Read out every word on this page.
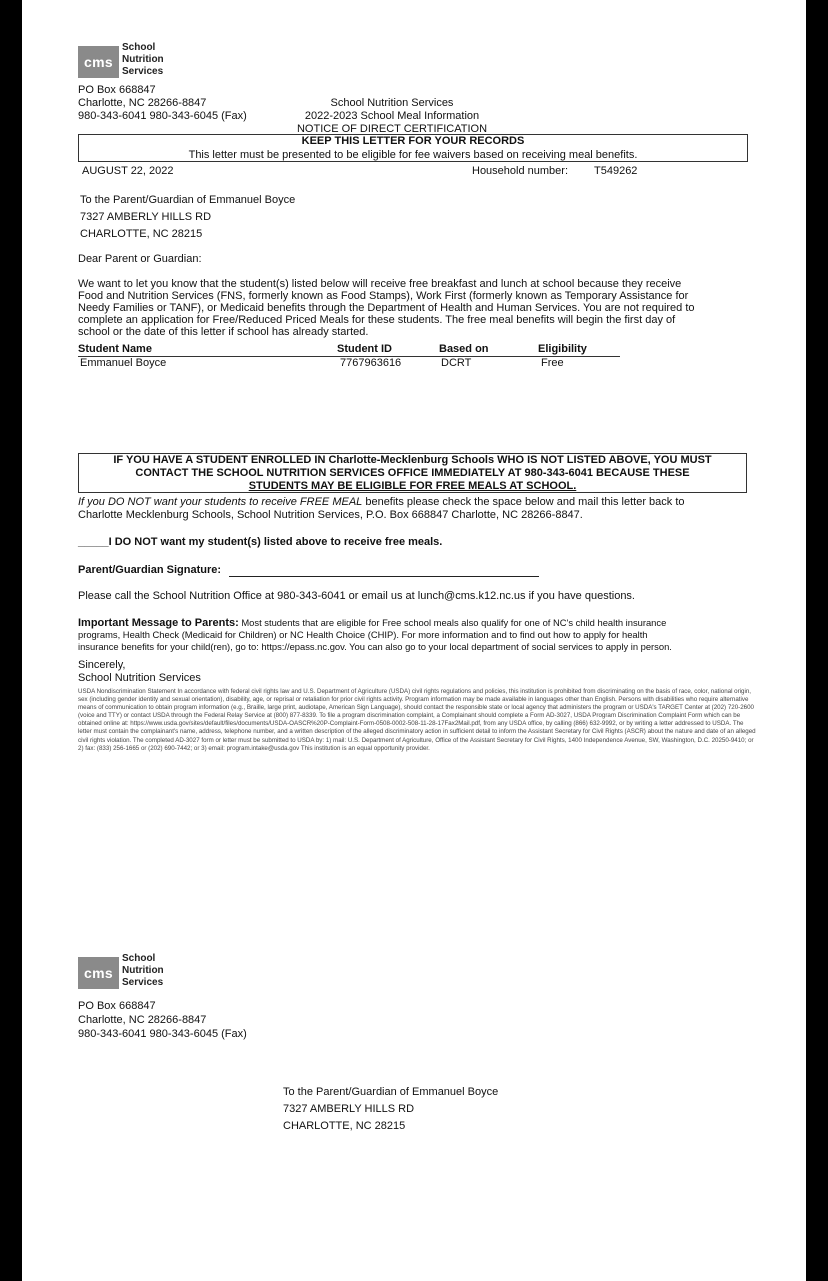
cms
School
Nutrition
Services
PO Box 668847
Charlotte, NC 28266-8847
980-343-6041 980-343-6045 (Fax)
School Nutrition Services
2022-2023 School Meal Information
NOTICE OF DIRECT CERTIFICATION
KEEP THIS LETTER FOR YOUR RECORDS
This letter must be presented to be eligible for fee waivers based on receiving meal benefits.
AUGUST 22, 2022	Household number: T549262
To the Parent/Guardian of Emmanuel Boyce
7327 AMBERLY HILLS RD
CHARLOTTE, NC 28215
Dear Parent or Guardian:
We want to let you know that the student(s) listed below will receive free breakfast and lunch at school because they receive
Food and Nutrition Services (FNS, formerly known as Food Stamps), Work First (formerly known as Temporary Assistance for
Needy Families or TANF), or Medicaid benefits through the Department of Health and Human Services. You are not required to
complete an application for Free/Reduced Priced Meals for these students. The free meal benefits will begin the first day of
school or the date of this letter if school has already started.
Student Name	Student ID	Based on	Eligibility
Emmanuel Boyce	7767963616	DCRT	Free
IF YOU HAVE A STUDENT ENROLLED IN Charlotte-Mecklenburg Schools WHO IS NOT LISTED ABOVE, YOU MUST
CONTACT THE SCHOOL NUTRITION SERVICES OFFICE IMMEDIATELY AT 980-343-6041 BECAUSE THESE
STUDENTS MAY BE ELIGIBLE FOR FREE MEALS AT SCHOOL.
If you DO NOT want your students to receive FREE MEAL benefits please check the space below and mail this letter back to
Charlotte Mecklenburg Schools, School Nutrition Services, P.O. Box 668847 Charlotte, NC 28266-8847.
_____I DO NOT want my student(s) listed above to receive free meals.
Parent/Guardian Signature:
Please call the School Nutrition Office at 980-343-6041 or email us at lunch@cms.k12.nc.us if you have questions.
Important Message to Parents: Most students that are eligible for Free school meals also qualify for one of NC's child health insurance
programs, Health Check (Medicaid for Children) or NC Health Choice (CHIP). For more information and to find out how to apply for health
insurance benefits for your child(ren), go to: https://epass.nc.gov. You can also go to your local department of social services to apply in person.
Sincerely,
School Nutrition Services
USDA Nondiscrimination Statement In accordance with federal civil rights law and U.S. Department of Agriculture (USDA) civil rights regulations and policies, this institution is prohibited from discriminating on the basis of race, color, national origin, sex (including gender identity and sexual orientation), disability, age, or reprisal or retaliation for prior civil rights activity. Program information may be made available in languages other than English. Persons with disabilities who require alternative means of communication to obtain program information (e.g., Braille, large print, audiotape, American Sign Language), should contact the responsible state or local agency that administers the program or USDA's TARGET Center at (202) 720-2600 (voice and TTY) or contact USDA through the Federal Relay Service at (800) 877-8339. To file a program discrimination complaint, a Complainant should complete a Form AD-3027, USDA Program Discrimination Complaint Form which can be obtained online at: https://www.usda.gov/sites/default/files/documents/USDA-OASCR%20P-Complaint-Form-0508-0002-508-11-28-17Fax2Mail.pdf, from any USDA office, by calling (866) 632-9992, or by writing a letter addressed to USDA. The letter must contain the complainant's name, address, telephone number, and a written description of the alleged discriminatory action in sufficient detail to inform the Assistant Secretary for Civil Rights (ASCR) about the nature and date of an alleged civil rights violation. The completed AD-3027 form or letter must be submitted to USDA by: 1) mail: U.S. Department of Agriculture, Office of the Assistant Secretary for Civil Rights, 1400 Independence Avenue, SW, Washington, D.C. 20250-9410; or 2) fax: (833) 256-1665 or (202) 690-7442; or 3) email: program.intake@usda.gov This institution is an equal opportunity provider.
cms
School
Nutrition
Services
PO Box 668847
Charlotte, NC 28266-8847
980-343-6041 980-343-6045 (Fax)
To the Parent/Guardian of Emmanuel Boyce
7327 AMBERLY HILLS RD
CHARLOTTE, NC 28215
